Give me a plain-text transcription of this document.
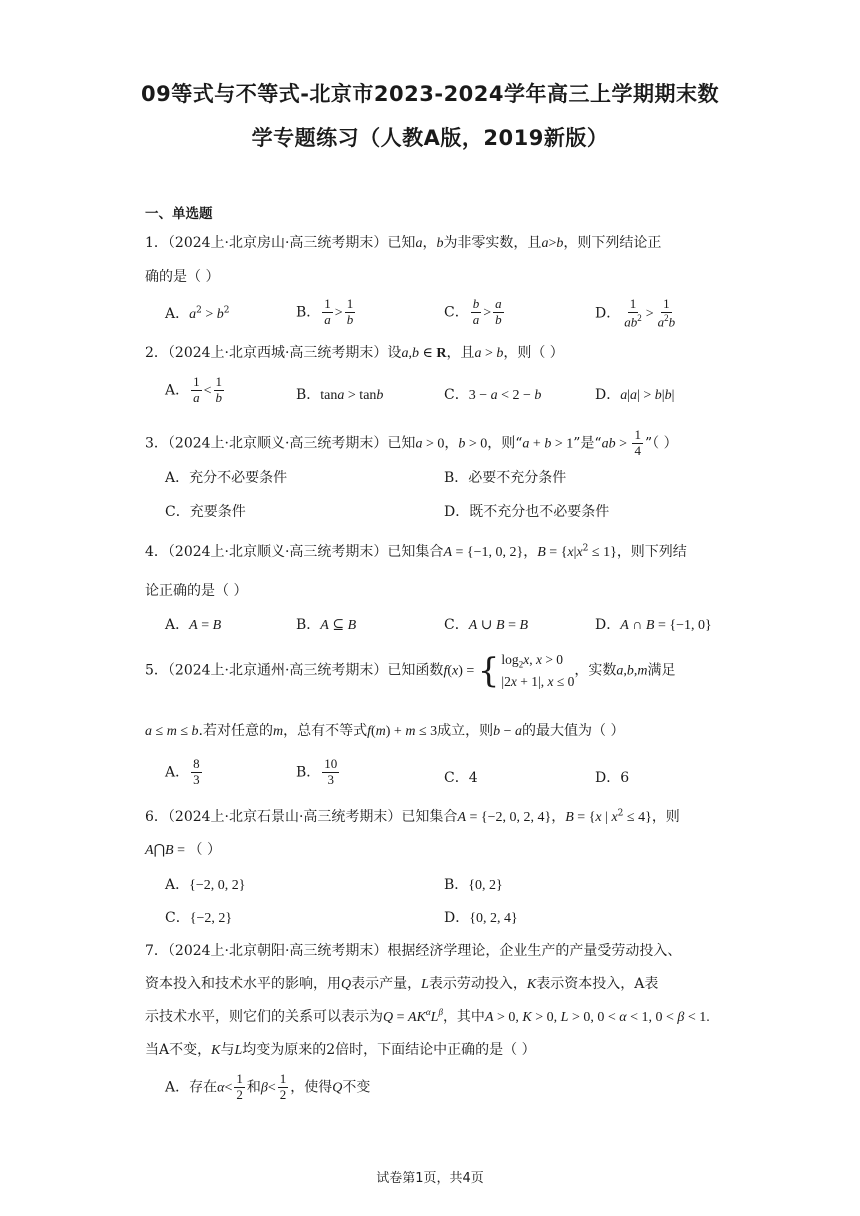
09等式与不等式-北京市2023-2024学年高三上学期期末数
学专题练习（人教A版，2019新版）
一、单选题
1．（2024上·北京房山·高三统考期末）已知a，b为非零实数，且a>b，则下列结论正
确的是（ ）
A．$a^2 > b^2$	B． $\frac{1}{a} > \frac{1}{b}$	C． $\frac{b}{a} > \frac{a}{b}$	D． $\frac{1}{ab^2} > \frac{1}{a^2b}$
2．（2024上·北京西城·高三统考期末）设a,b ∈ R，且a > b，则（ ）
A． $\frac{1}{a} < \frac{1}{b}$	B．tana > tanb	C．3 − a < 2 − b	D．a|a| > b|b|
3．（2024上·北京顺义·高三统考期末）已知a > 0，b > 0，则“a + b > 1”是“ab > $\frac{1}{4}$ ”（ ）
A．充分不必要条件	B．必要不充分条件
C．充要条件	D．既不充分也不必要条件
4．（2024上·北京顺义·高三统考期末）已知集合A = {−1, 0, 2}，$B = \{x|x^2 \le 1\}$，则下列结
论正确的是（ ）
A．A = B	B．A ⊆ B	C．A ∪ B = B	D．A ∩ B = {−1, 0}
5．（2024上·北京通州·高三统考期末）已知函数f(x) = { $\log_2x$, x > 0
|2x + 1|, x ≤ 0
，实数a,b,m满足
a ≤ m ≤ b.若对任意的m，总有不等式f(m) + m ≤ 3成立，则b − a的最大值为（ ）
A． $\frac{8}{3}$	B． $\frac{10}{3}$	C．4	D．6
6．（2024上·北京石景山·高三统考期末）已知集合A = {−2, 0, 2, 4}，B = {x | $x^2 \le 4$}，则
A⋂B = （ ）
A．{−2, 0, 2}	B．{0, 2}
C．{−2, 2}	D．{0, 2, 4}
7．（2024上·北京朝阳·高三统考期末）根据经济学理论，企业生产的产量受劳动投入、
资本投入和技术水平的影响，用Q表示产量，L表示劳动投入，K表示资本投入，A表
示技术水平，则它们的关系可以表示为$Q = AK^\alpha L^\beta$，其中A > 0, K > 0, L > 0, 0 < α < 1, 0 < β < 1.
当A不变，K与L均变为原来的2倍时，下面结论中正确的是（ ）
A．存在$\alpha< \frac{1}{2}$ 和$\beta< \frac{1}{2}$ ，使得Q不变
试卷第1页，共4页
